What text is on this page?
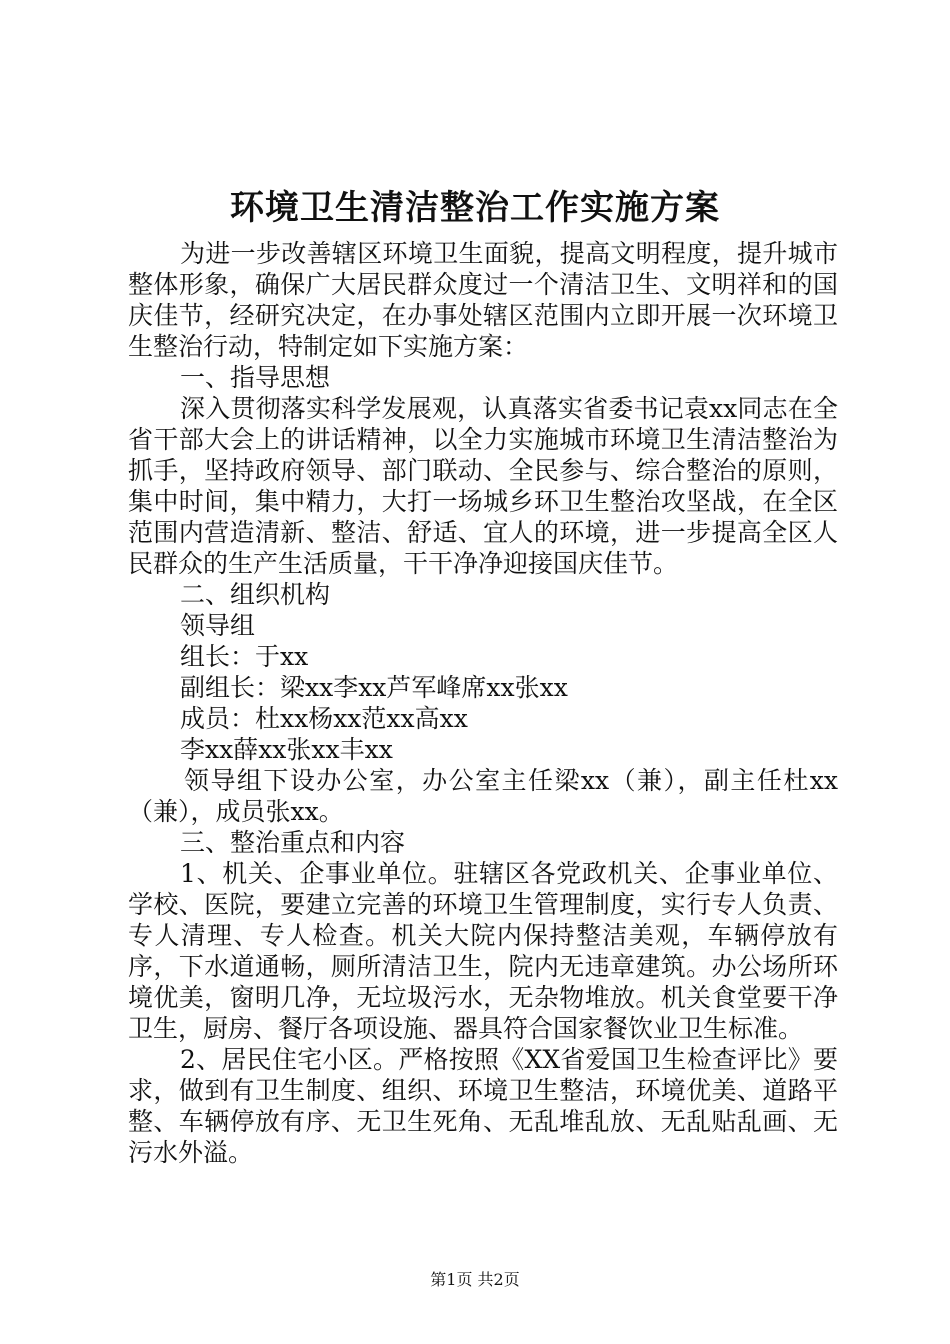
环境卫生清洁整治工作实施方案

为进一步改善辖区环境卫生面貌，提高文明程度，提升城市整体形象，确保广大居民群众度过一个清洁卫生、文明祥和的国庆佳节，经研究决定，在办事处辖区范围内立即开展一次环境卫生整治行动，特制定如下实施方案：

一、指导思想

深入贯彻落实科学发展观，认真落实省委书记袁xx同志在全省干部大会上的讲话精神，以全力实施城市环境卫生清洁整治为抓手，坚持政府领导、部门联动、全民参与、综合整治的原则，集中时间，集中精力，大打一场城乡环卫生整治攻坚战，在全区范围内营造清新、整洁、舒适、宜人的环境，进一步提高全区人民群众的生产生活质量，干干净净迎接国庆佳节。

二、组织机构

领导组

组长：于xx

副组长：梁xx李xx芦军峰席xx张xx

成员：杜xx杨xx范xx高xx

李xx薛xx张xx丰xx

领导组下设办公室，办公室主任梁xx（兼），副主任杜xx（兼），成员张xx。

三、整治重点和内容

1、机关、企事业单位。驻辖区各党政机关、企事业单位、学校、医院，要建立完善的环境卫生管理制度，实行专人负责、专人清理、专人检查。机关大院内保持整洁美观，车辆停放有序，下水道通畅，厕所清洁卫生，院内无违章建筑。办公场所环境优美，窗明几净，无垃圾污水，无杂物堆放。机关食堂要干净卫生，厨房、餐厅各项设施、器具符合国家餐饮业卫生标准。

2、居民住宅小区。严格按照《XX省爱国卫生检查评比》要求，做到有卫生制度、组织、环境卫生整洁，环境优美、道路平整、车辆停放有序、无卫生死角、无乱堆乱放、无乱贴乱画、无污水外溢。

第1页 共2页
